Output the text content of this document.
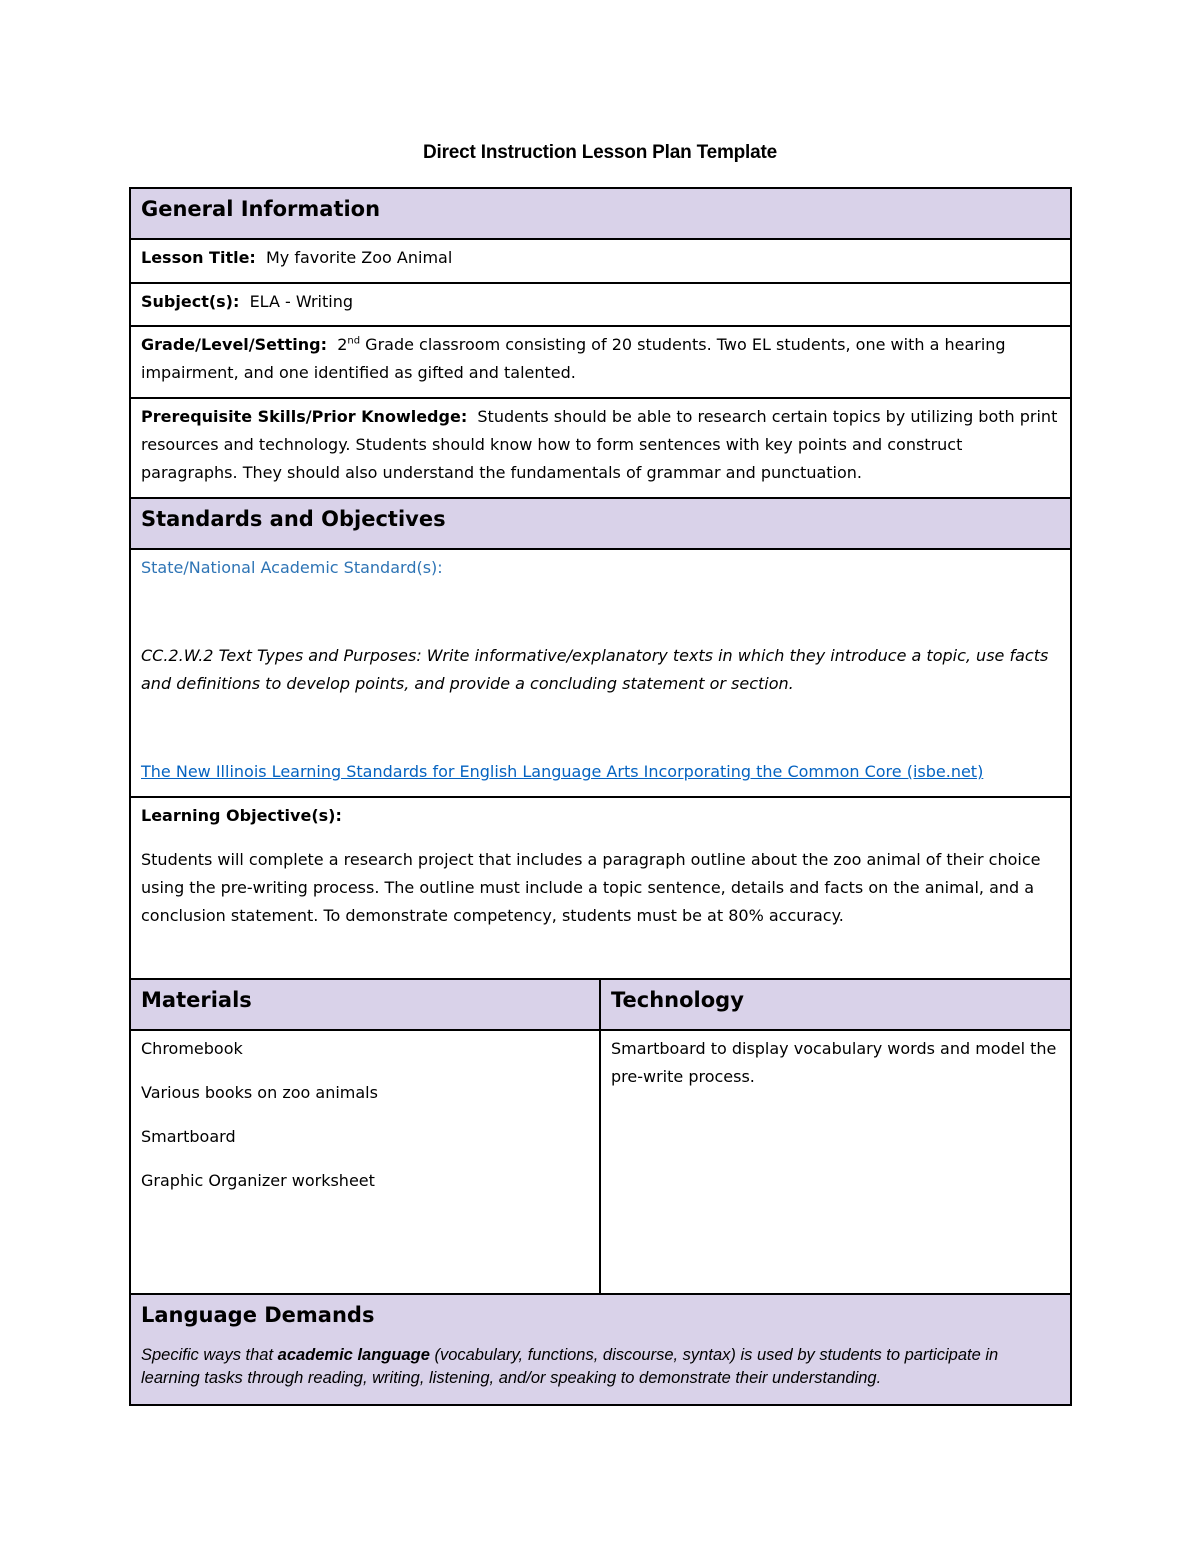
Direct Instruction Lesson Plan Template
General Information	
Lesson Title: My favorite Zoo Animal	
Subject(s): ELA - Writing	
Grade/Level/Setting: 2nd Grade classroom consisting of 20 students. Two EL students, one with a hearing impairment, and one identified as gifted and talented.	
Prerequisite Skills/Prior Knowledge: Students should be able to research certain topics by utilizing both print resources and technology. Students should know how to form sentences with key points and construct paragraphs. They should also understand the fundamentals of grammar and punctuation.	
Standards and Objectives	

State/National Academic Standard(s):
CC.2.W.2 Text Types and Purposes: Write informative/explanatory texts in which they introduce a topic, use facts and definitions to develop points, and provide a concluding statement or section.
The New Illinois Learning Standards for English Language Arts Incorporating the Common Core (isbe.net)	
Learning Objective(s):
Students will complete a research project that includes a paragraph outline about the zoo animal of their choice using the pre-writing process. The outline must include a topic sentence, details and facts on the animal, and a conclusion statement. To demonstrate competency, students must be at 80% accuracy.	

Materials	Technology

Chromebook

Various books on zoo animals

Smartboard

Graphic Organizer worksheet	Smartboard to display vocabulary words and model the pre-write process.

Language Demands	
Specific ways that academic language (vocabulary, functions, discourse, syntax) is used by students to participate in learning tasks through reading, writing, listening, and/or speaking to demonstrate their understanding.	
